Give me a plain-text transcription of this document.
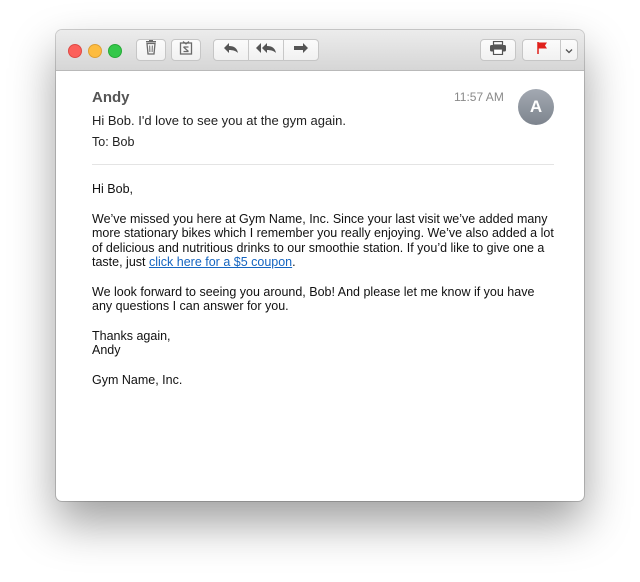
Andy	11:57 AM	A
Hi Bob. I'd love to see you at the gym again.
To: Bob

Hi Bob,

We’ve missed you here at Gym Name, Inc. Since your last visit we’ve added many more stationary bikes which I remember you really enjoying. We’ve also added a lot of delicious and nutritious drinks to our smoothie station. If you’d like to give one a taste, just click here for a $5 coupon.

We look forward to seeing you around, Bob! And please let me know if you have any questions I can answer for you.

Thanks again,
Andy
Gym Name, Inc.
